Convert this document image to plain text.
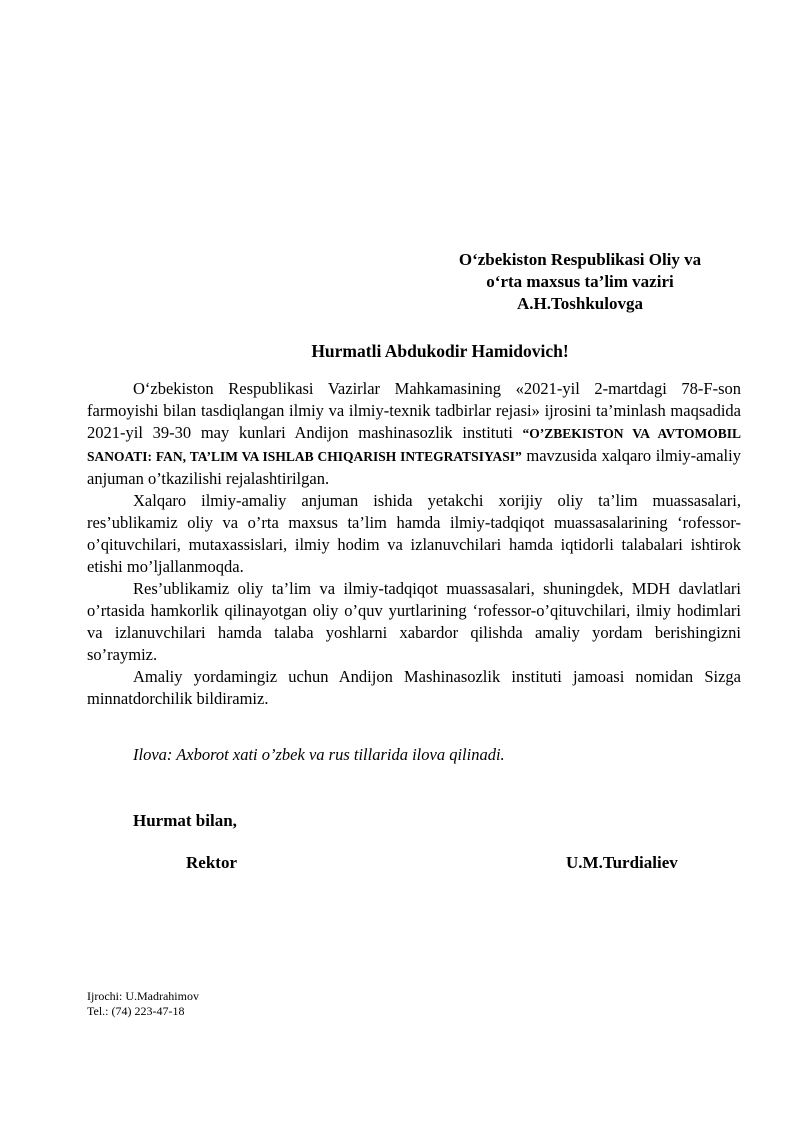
O‘zbekiston Respublikasi Oliy va
o‘rta maxsus ta’lim vaziri
A.H.Toshkulovga
Hurmatli Abdukodir Hamidovich!

O‘zbekiston Respublikasi Vazirlar Mahkamasining «2021-yil 2-martdagi 78-F-son farmoyishi bilan tasdiqlangan ilmiy va ilmiy-texnik tadbirlar rejasi» ijrosini ta’minlash maqsadida 2021-yil 39-30 may kunlari Andijon mashinasozlik instituti “O’ZBEKISTON VA AVTOMOBIL SANOATI: FAN, TA’LIM VA ISHLAB CHIQARISH INTEGRATSIYASI” mavzusida xalqaro ilmiy-amaliy anjuman o’tkazilishi rejalashtirilgan.

Xalqaro ilmiy-amaliy anjuman ishida yetakchi xorijiy oliy ta’lim muassasalari, res’ublikamiz oliy va o’rta maxsus ta’lim hamda ilmiy-tadqiqot muassasalarining ‘rofessor-o’qituvchilari, mutaxassislari, ilmiy hodim va izlanuvchilari hamda iqtidorli talabalari ishtirok etishi mo’ljallanmoqda.

Res’ublikamiz oliy ta’lim va ilmiy-tadqiqot muassasalari, shuningdek, MDH davlatlari o’rtasida hamkorlik qilinayotgan oliy o’quv yurtlarining ‘rofessor-o’qituvchilari, ilmiy hodimlari va izlanuvchilari hamda talaba yoshlarni xabardor qilishda amaliy yordam berishingizni so’raymiz.

Amaliy yordamingiz uchun Andijon Mashinasozlik instituti jamoasi nomidan Sizga minnatdorchilik bildiramiz.

Ilova: Axborot xati o’zbek va rus tillarida ilova qilinadi.
Hurmat bilan,
Rektor	U.M.Turdialiev
Ijrochi: U.Madrahimov
Tel.: (74) 223-47-18
